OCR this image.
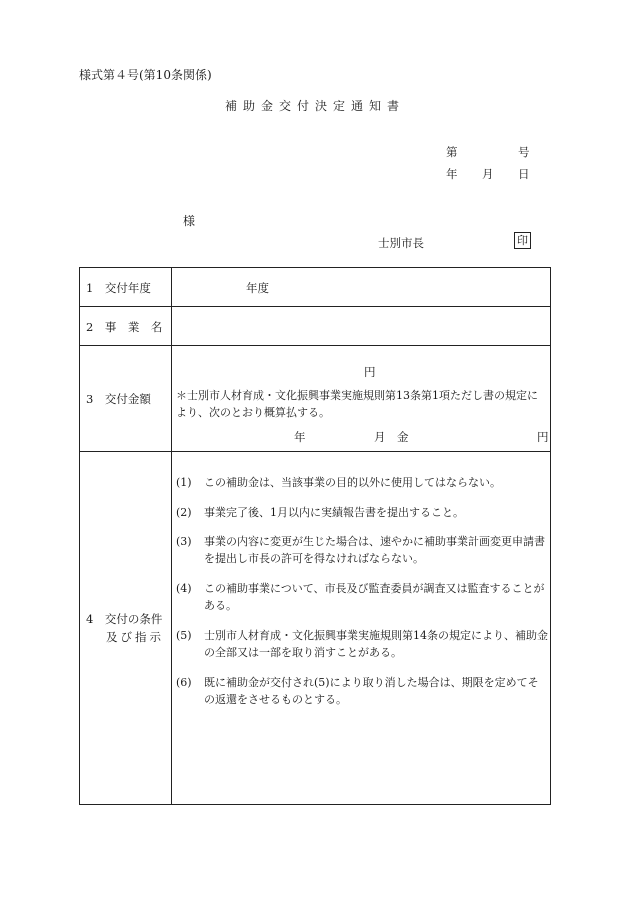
様式第４号(第10条関係)
補助金交付決定通知書
第	号
年 月 日
様
士別市長	印
1　交付年度	年度
2　事　業　名
3　交付金額
円
＊士別市人材育成・文化振興事業実施規則第13条第1項ただし書の規定に
より、次のとおり概算払する。
年	月　金	円
4　交付の条件
及び指示
(1) この補助金は、当該事業の目的以外に使用してはならない。
(2) 事業完了後、1月以内に実績報告書を提出すること。
(3) 事業の内容に変更が生じた場合は、速やかに補助事業計画変更申請書を提出し市長の許可を得なければならない。
(4) この補助事業について、市長及び監査委員が調査又は監査することがある。
(5) 士別市人材育成・文化振興事業実施規則第14条の規定により、補助金の全部又は一部を取り消すことがある。
(6) 既に補助金が交付され(5)により取り消した場合は、期限を定めてその返還をさせるものとする。
